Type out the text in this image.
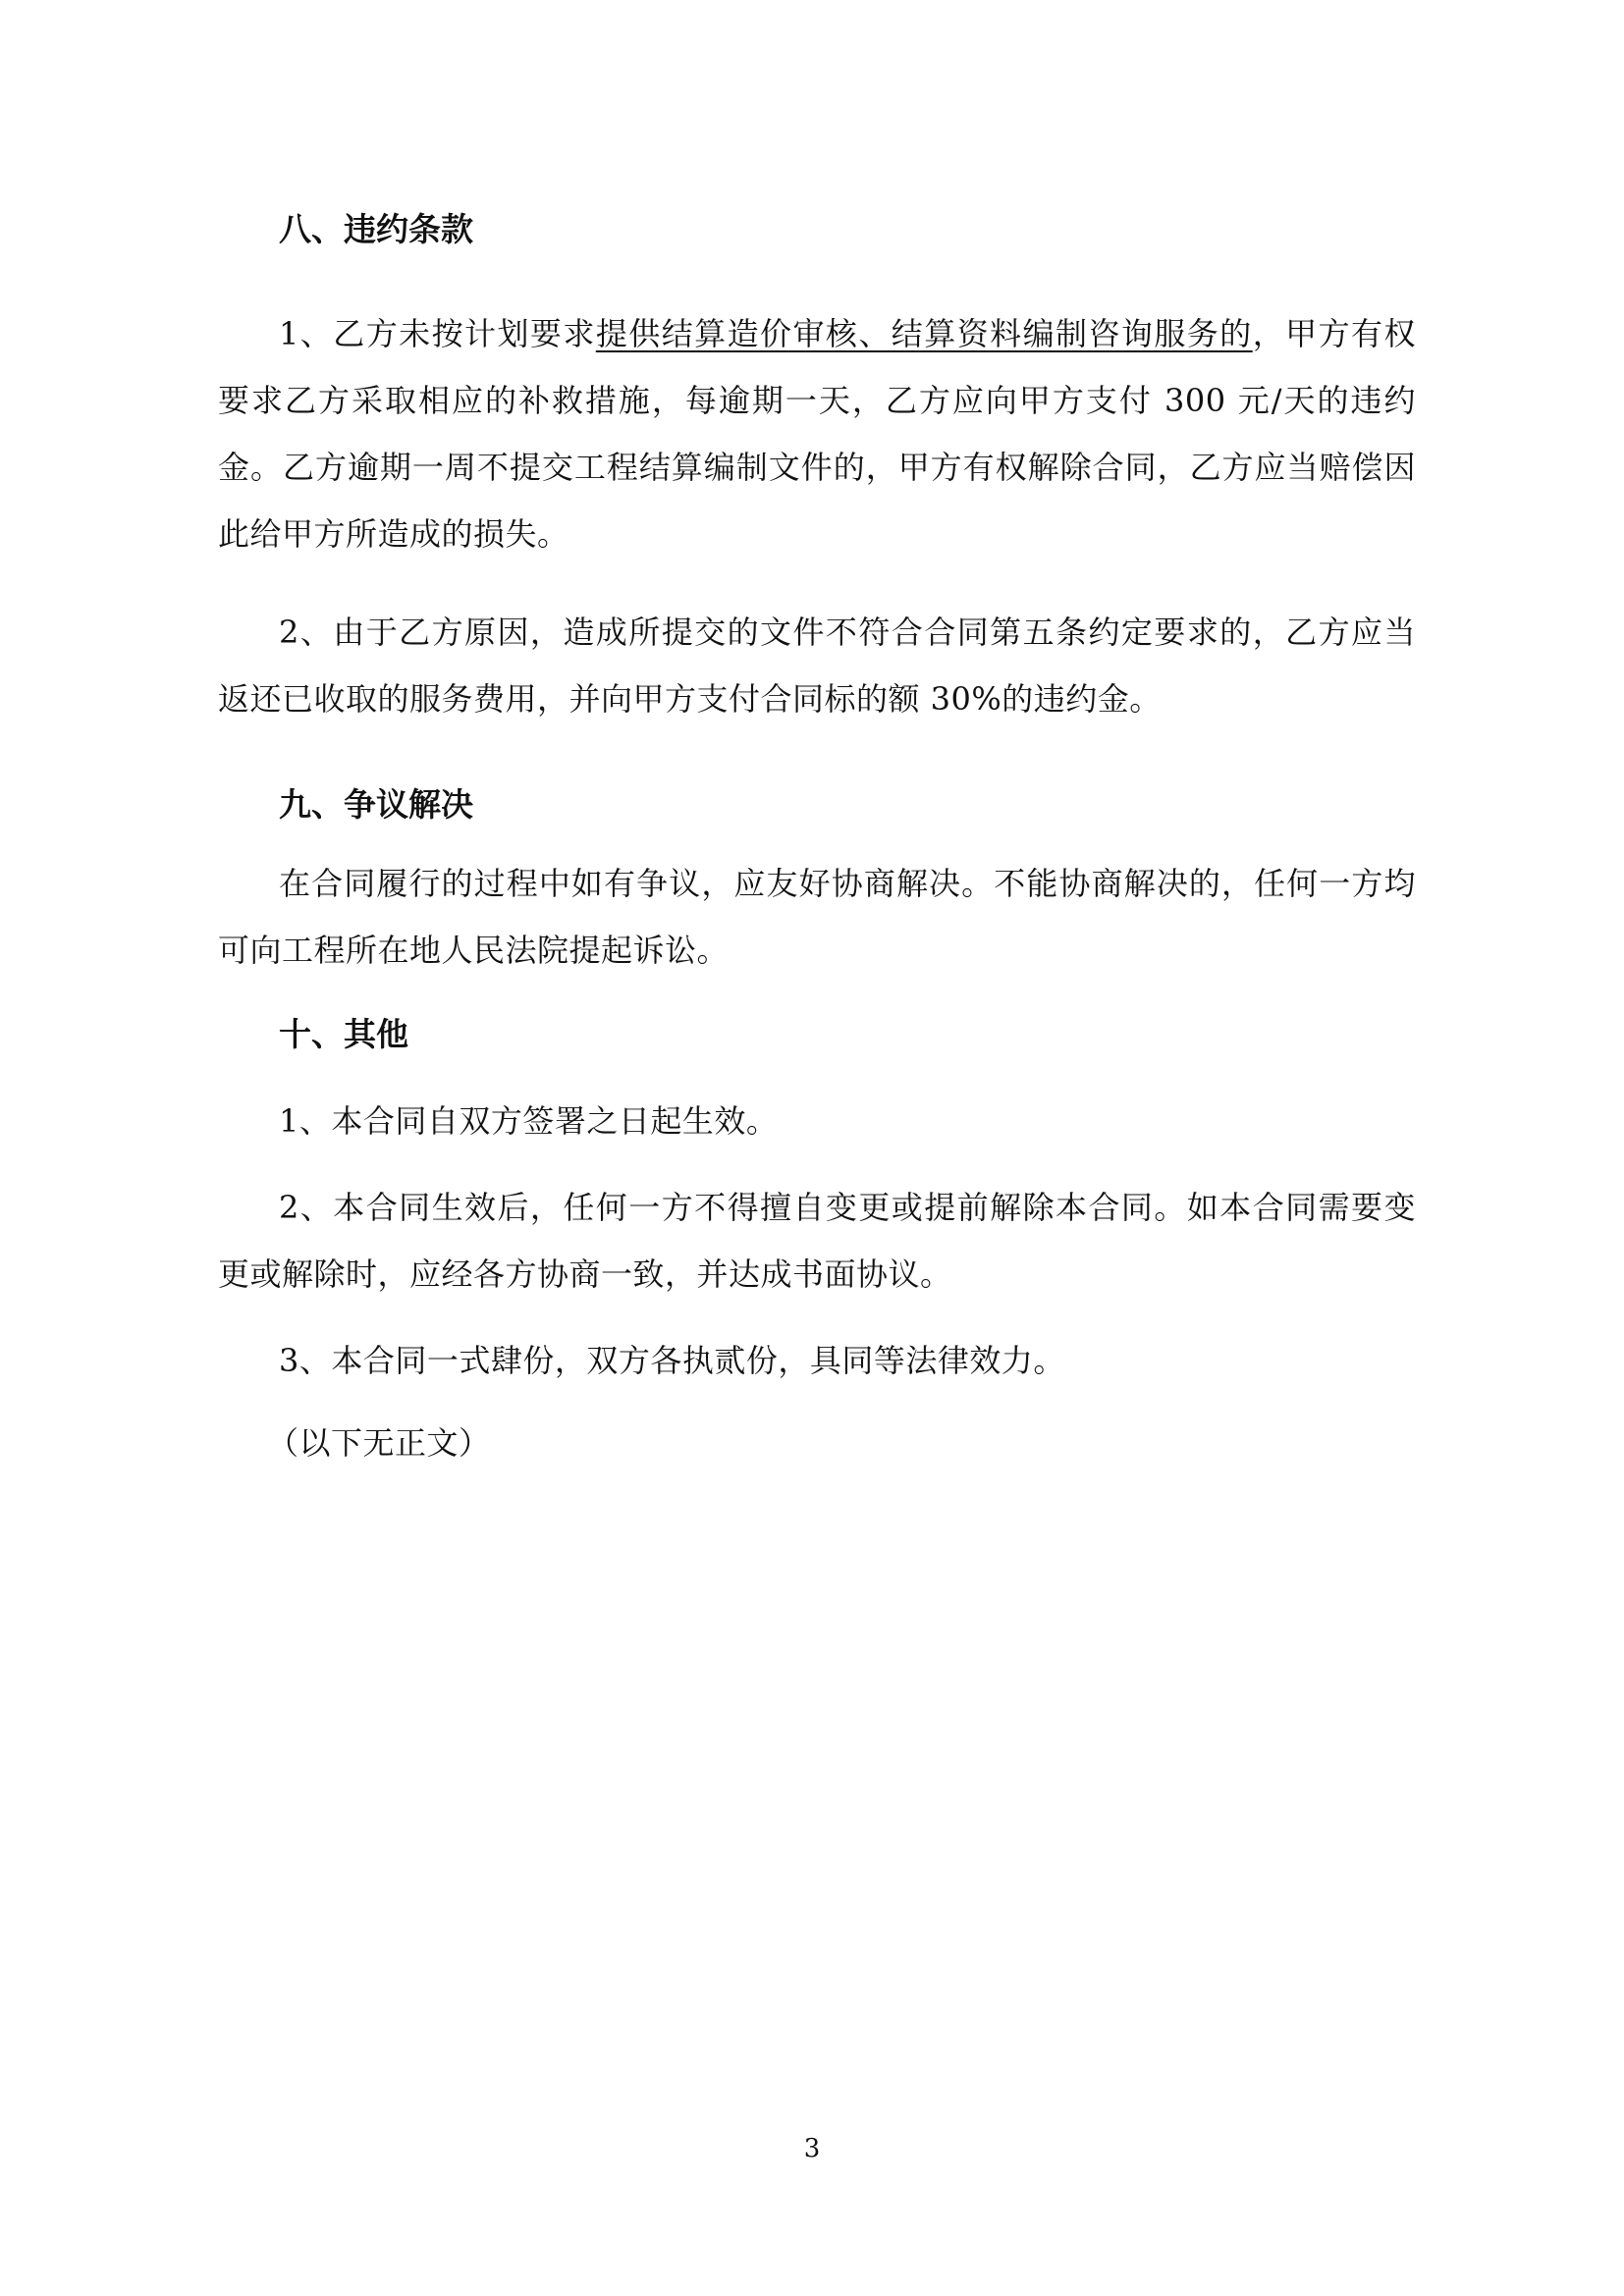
八、违约条款
1、乙方未按计划要求提供结算造价审核、结算资料编制咨询服务的，甲方有权要求乙方采取相应的补救措施，每逾期一天，乙方应向甲方支付 300 元/天的违约金。乙方逾期一周不提交工程结算编制文件的，甲方有权解除合同，乙方应当赔偿因此给甲方所造成的损失。
2、由于乙方原因，造成所提交的文件不符合合同第五条约定要求的，乙方应当返还已收取的服务费用，并向甲方支付合同标的额 30%的违约金。
九、争议解决
在合同履行的过程中如有争议，应友好协商解决。不能协商解决的，任何一方均可向工程所在地人民法院提起诉讼。
十、其他
1、本合同自双方签署之日起生效。
2、本合同生效后，任何一方不得擅自变更或提前解除本合同。如本合同需要变更或解除时，应经各方协商一致，并达成书面协议。
3、本合同一式肆份，双方各执贰份，具同等法律效力。
（以下无正文）
3
